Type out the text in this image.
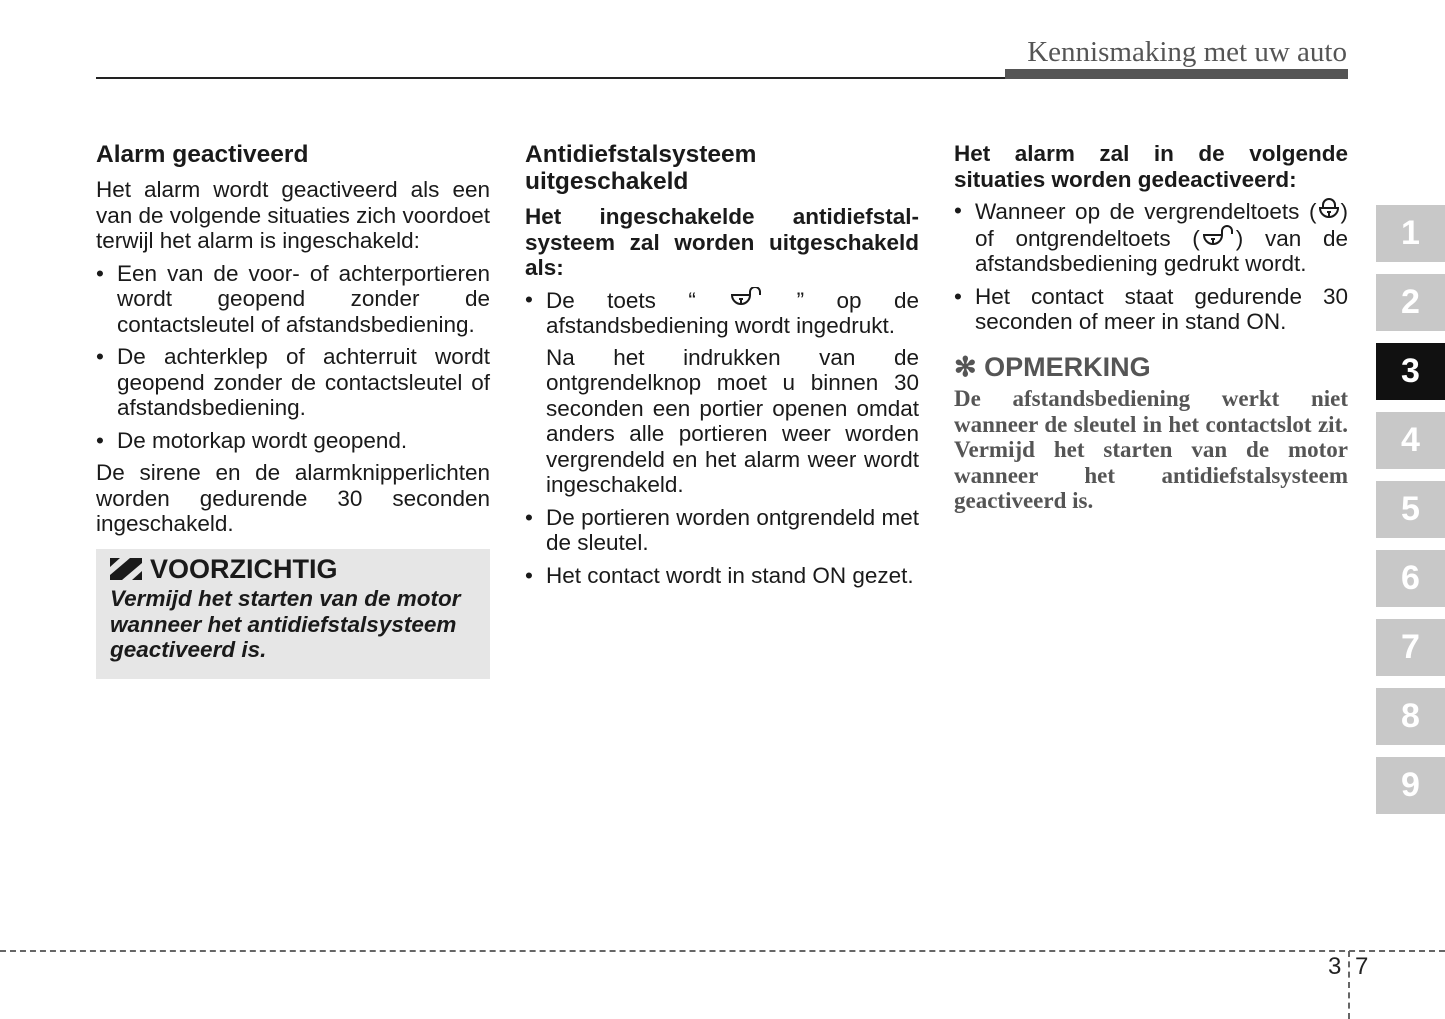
Kennismaking met uw auto
Alarm geactiveerd

Het alarm wordt geactiveerd als een van de volgende situaties zich voordoet terwijl het alarm is ingeschakeld:

• Een van de voor- of achterportieren wordt geopend zonder de contactsleutel of afstandsbediening.
• De achterklep of achterruit wordt geopend zonder de contactsleutel of afstandsbediening.
• De motorkap wordt geopend.

De sirene en de alarmknipperlichten worden gedurende 30 seconden ingeschakeld.

VOORZICHTIG
Vermijd het starten van de motor wanneer het antidiefstalsysteem geactiveerd is.
Antidiefstalsysteem uitgeschakeld
Het ingeschakelde antidiefstal- systeem zal worden uitgeschakeld
als:
• De toets “	” op de afstandsbediening wordt ingedrukt.

Na het indrukken van de ontgrendelknop moet u binnen 30 seconden een portier openen omdat anders alle portieren weer worden vergrendeld en het alarm weer wordt ingeschakeld.

• De portieren worden ontgrendeld met de sleutel.
• Het contact wordt in stand ON gezet.
Het alarm zal in de volgende
situaties worden gedeactiveerd:
• Wanneer op de vergrendeltoets ( ) of ontgrendeltoets ( ) van de afstandsbediening gedrukt wordt.
• Het contact staat gedurende 30 seconden of meer in stand ON.
✻ OPMERKING
De afstandsbediening werkt niet wanneer de sleutel in het contactslot zit. Vermijd het starten van de motor wanneer het antidiefstalsysteem geactiveerd is.
1
2
3
4
5
6
7
8
9
3 7
